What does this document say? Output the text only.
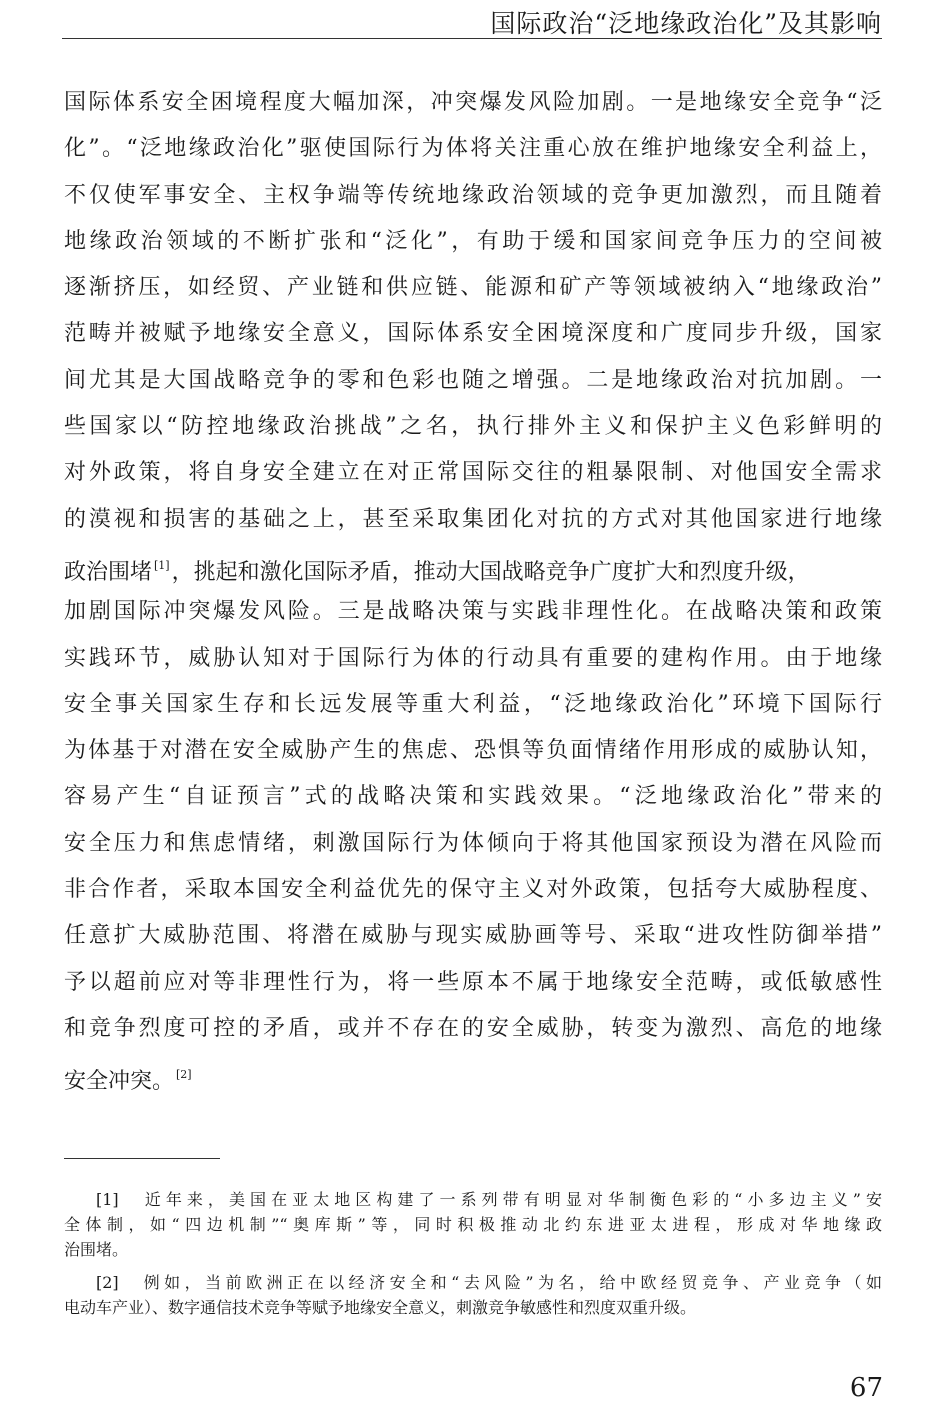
国际政治“泛地缘政治化”及其影响
国际体系安全困境程度大幅加深，冲突爆发风险加剧。一是地缘安全竞争“泛
化”。“泛地缘政治化”驱使国际行为体将关注重心放在维护地缘安全利益上，
不仅使军事安全、主权争端等传统地缘政治领域的竞争更加激烈，而且随着
地缘政治领域的不断扩张和“泛化”，有助于缓和国家间竞争压力的空间被
逐渐挤压，如经贸、产业链和供应链、能源和矿产等领域被纳入“地缘政治”
范畴并被赋予地缘安全意义，国际体系安全困境深度和广度同步升级，国家
间尤其是大国战略竞争的零和色彩也随之增强。二是地缘政治对抗加剧。一
些国家以“防控地缘政治挑战”之名，执行排外主义和保护主义色彩鲜明的
对外政策，将自身安全建立在对正常国际交往的粗暴限制、对他国安全需求
的漠视和损害的基础之上，甚至采取集团化对抗的方式对其他国家进行地缘
政治围堵 [1]，挑起和激化国际矛盾，推动大国战略竞争广度扩大和烈度升级，
加剧国际冲突爆发风险。三是战略决策与实践非理性化。在战略决策和政策
实践环节，威胁认知对于国际行为体的行动具有重要的建构作用。由于地缘
安全事关国家生存和长远发展等重大利益，“泛地缘政治化”环境下国际行
为体基于对潜在安全威胁产生的焦虑、恐惧等负面情绪作用形成的威胁认知，
容易产生“自证预言”式的战略决策和实践效果。“泛地缘政治化”带来的
安全压力和焦虑情绪，刺激国际行为体倾向于将其他国家预设为潜在风险而
非合作者，采取本国安全利益优先的保守主义对外政策，包括夸大威胁程度、
任意扩大威胁范围、将潜在威胁与现实威胁画等号、采取“进攻性防御举措”
予以超前应对等非理性行为，将一些原本不属于地缘安全范畴，或低敏感性
和竞争烈度可控的矛盾，或并不存在的安全威胁，转变为激烈、高危的地缘
安全冲突。 [2]
[1]　近年来，美国在亚太地区构建了一系列带有明显对华制衡色彩的“小多边主义”安
全体制，如“四边机制”“奥库斯”等，同时积极推动北约东进亚太进程，形成对华地缘政
治围堵。
[2]　例如，当前欧洲正在以经济安全和“去风险”为名，给中欧经贸竞争、产业竞争（如
电动车产业）、数字通信技术竞争等赋予地缘安全意义，刺激竞争敏感性和烈度双重升级。
67
